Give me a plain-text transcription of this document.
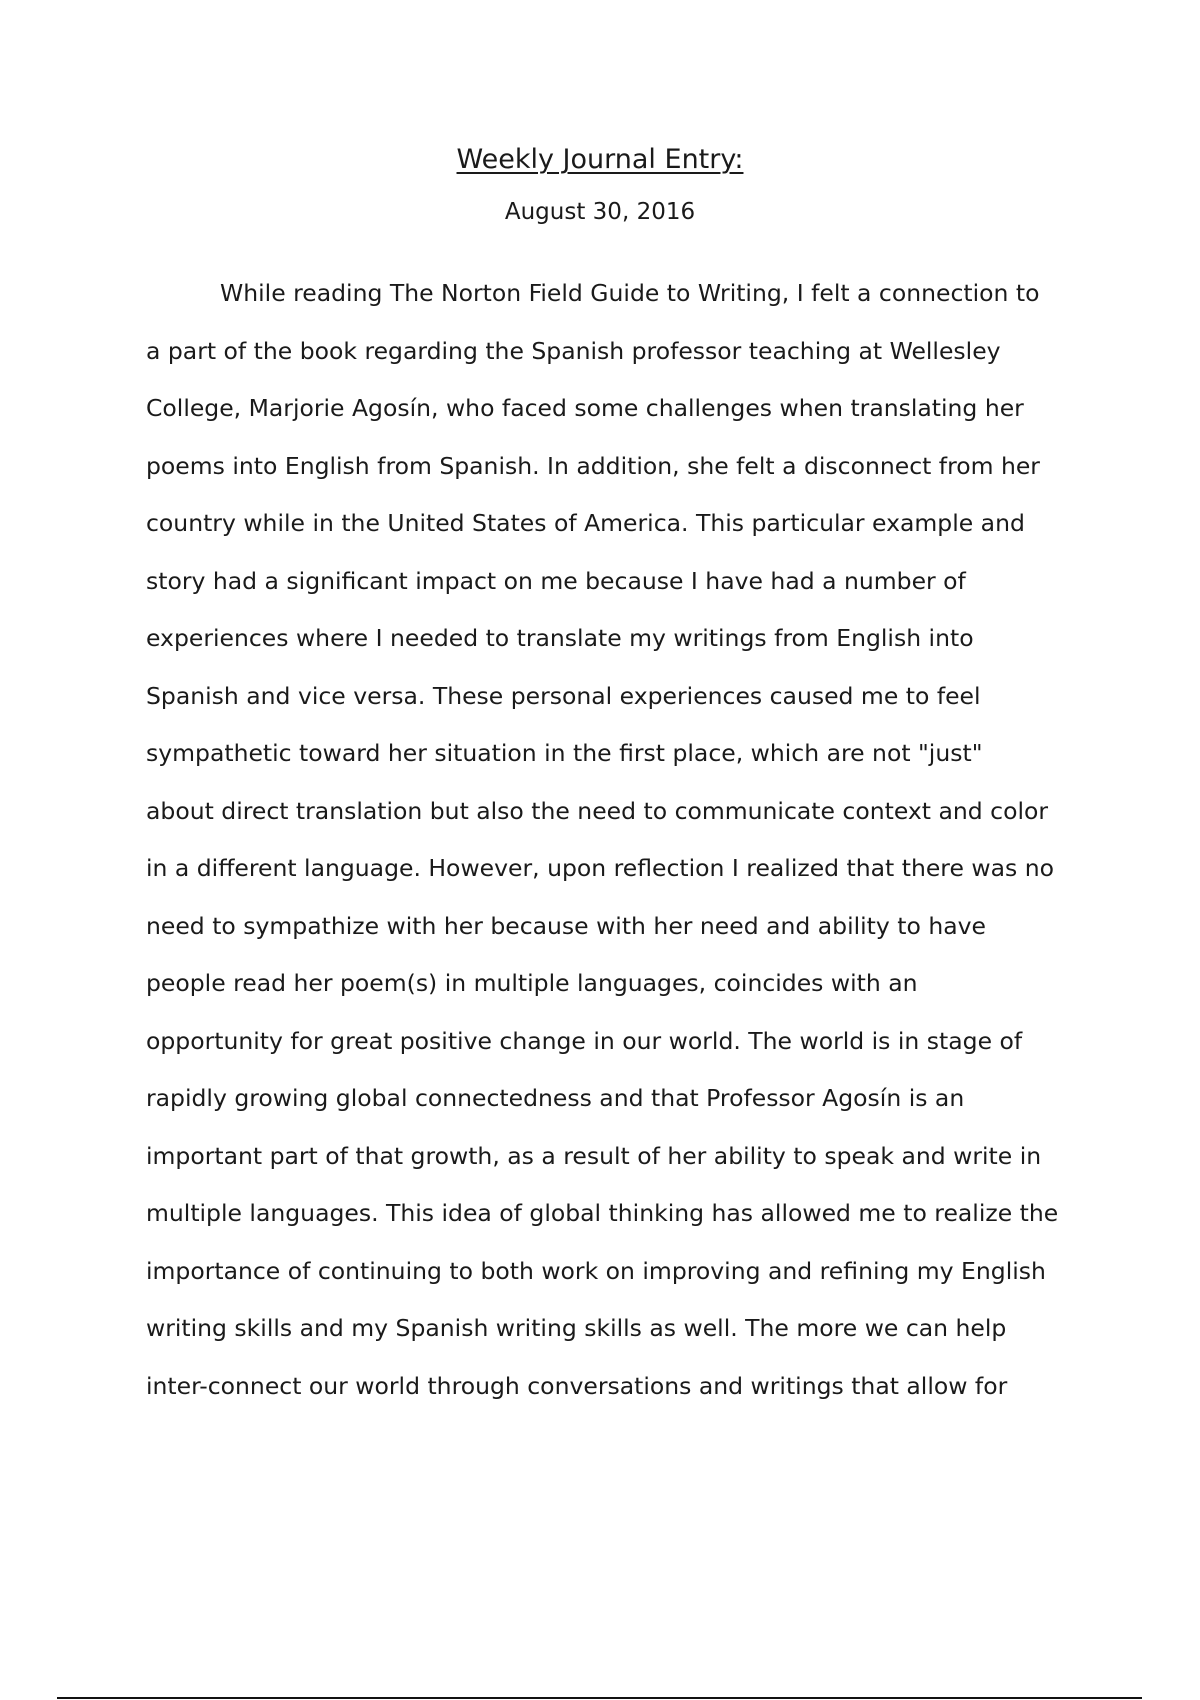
Weekly Journal Entry:
August 30, 2016
While reading The Norton Field Guide to Writing, I felt a connection to
a part of the book regarding the Spanish professor teaching at Wellesley
College, Marjorie Agosín, who faced some challenges when translating her
poems into English from Spanish. In addition, she felt a disconnect from her
country while in the United States of America. This particular example and
story had a significant impact on me because I have had a number of
experiences where I needed to translate my writings from English into
Spanish and vice versa. These personal experiences caused me to feel
sympathetic toward her situation in the first place, which are not "just"
about direct translation but also the need to communicate context and color
in a different language. However, upon reflection I realized that there was no
need to sympathize with her because with her need and ability to have
people read her poem(s) in multiple languages, coincides with an
opportunity for great positive change in our world. The world is in stage of
rapidly growing global connectedness and that Professor Agosín is an
important part of that growth, as a result of her ability to speak and write in
multiple languages. This idea of global thinking has allowed me to realize the
importance of continuing to both work on improving and refining my English
writing skills and my Spanish writing skills as well. The more we can help
inter-connect our world through conversations and writings that allow for
